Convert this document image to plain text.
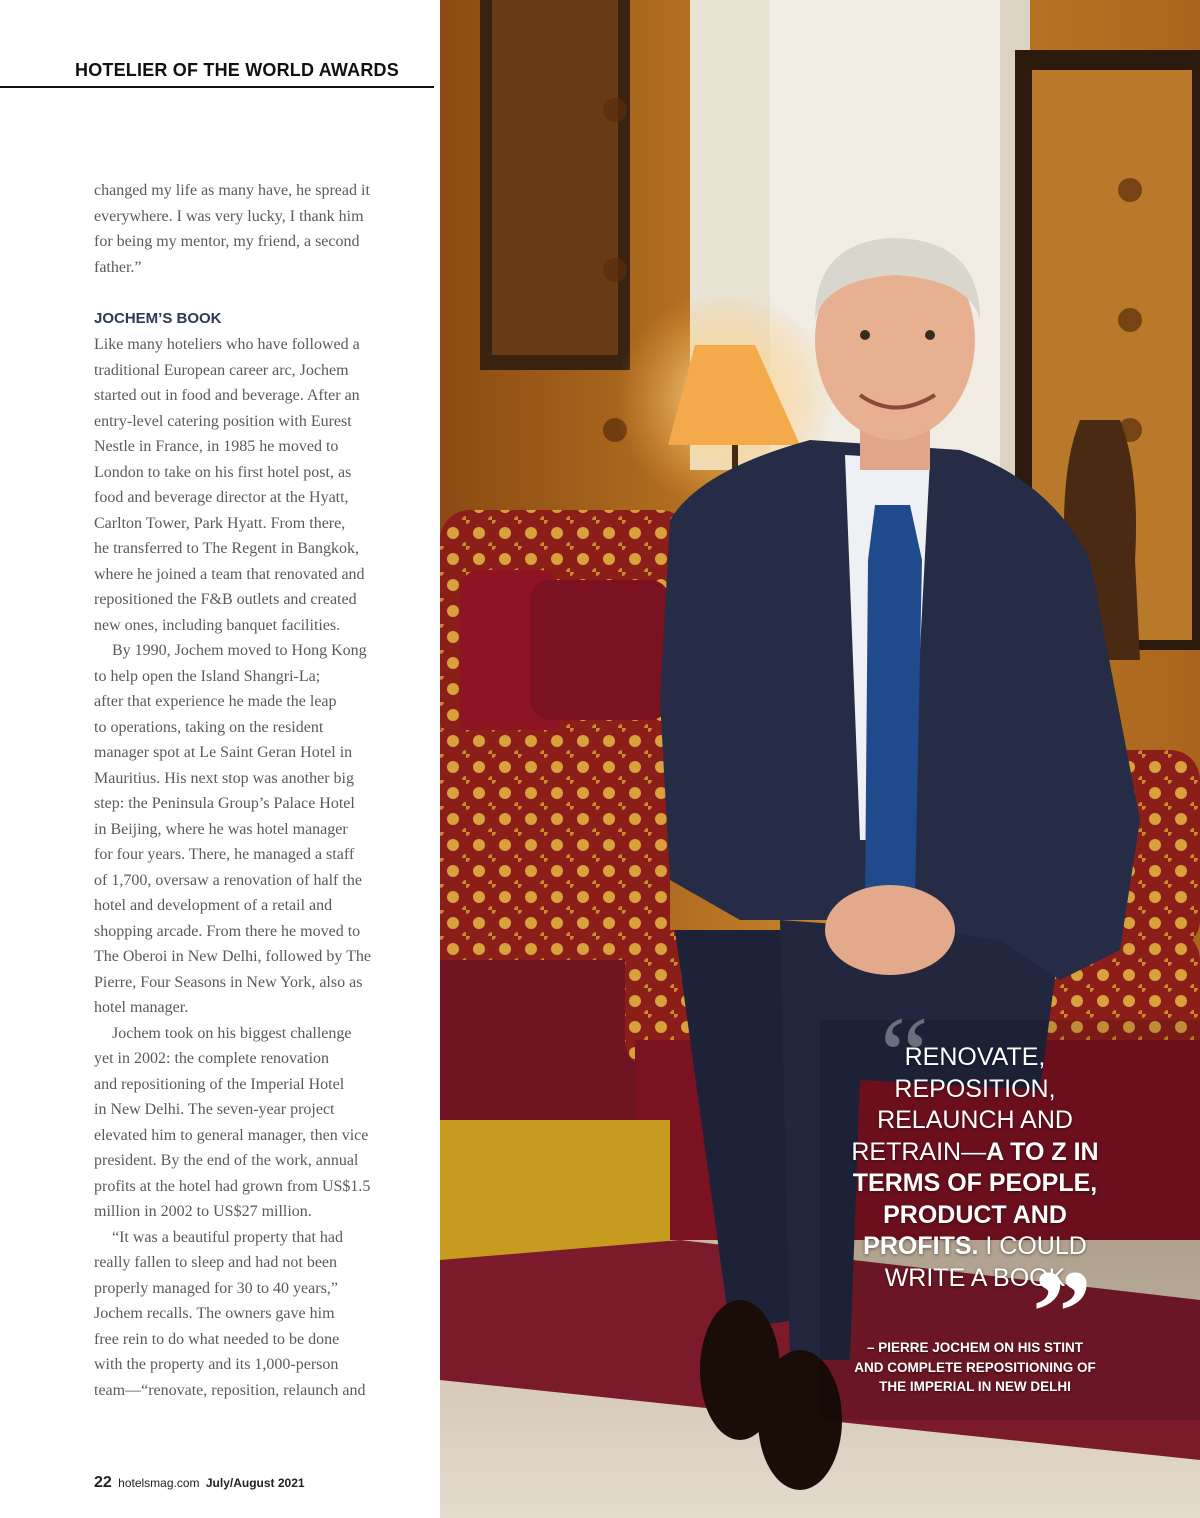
HOTELIER OF THE WORLD AWARDS

changed my life as many have, he spread it

everywhere. I was very lucky, I thank him

for being my mentor, my friend, a second

father.”

JOCHEM’S BOOK

Like many hoteliers who have followed a

traditional European career arc, Jochem

started out in food and beverage. After an

entry-level catering position with Eurest

Nestle in France, in 1985 he moved to

London to take on his first hotel post, as

food and beverage director at the Hyatt,

Carlton Tower, Park Hyatt. From there,

he transferred to The Regent in Bangkok,

where he joined a team that renovated and

repositioned the F&B outlets and created

new ones, including banquet facilities.

By 1990, Jochem moved to Hong Kong

to help open the Island Shangri-La;

after that experience he made the leap

to operations, taking on the resident

manager spot at Le Saint Geran Hotel in

Mauritius. His next stop was another big

step: the Peninsula Group’s Palace Hotel

in Beijing, where he was hotel manager

for four years. There, he managed a staff

of 1,700, oversaw a renovation of half the

hotel and development of a retail and

shopping arcade. From there he moved to

The Oberoi in New Delhi, followed by The

Pierre, Four Seasons in New York, also as

hotel manager.

Jochem took on his biggest challenge

yet in 2002: the complete renovation

and repositioning of the Imperial Hotel

in New Delhi. The seven-year project

elevated him to general manager, then vice

president. By the end of the work, annual

profits at the hotel had grown from US$1.5

million in 2002 to US$27 million.

“It was a beautiful property that had

really fallen to sleep and had not been

properly managed for 30 to 40 years,”

Jochem recalls. The owners gave him

free rein to do what needed to be done

with the property and its 1,000-person

team—“renovate, reposition, relaunch and

22 hotelsmag.com July/August 2021
“
RENOVATE,
REPOSITION,
RELAUNCH AND
RETRAIN—A TO Z IN
TERMS OF PEOPLE,
PRODUCT AND
PROFITS. I COULD
WRITE A BOOK
”
– PIERRE JOCHEM ON HIS STINT
AND COMPLETE REPOSITIONING OF
THE IMPERIAL IN NEW DELHI
